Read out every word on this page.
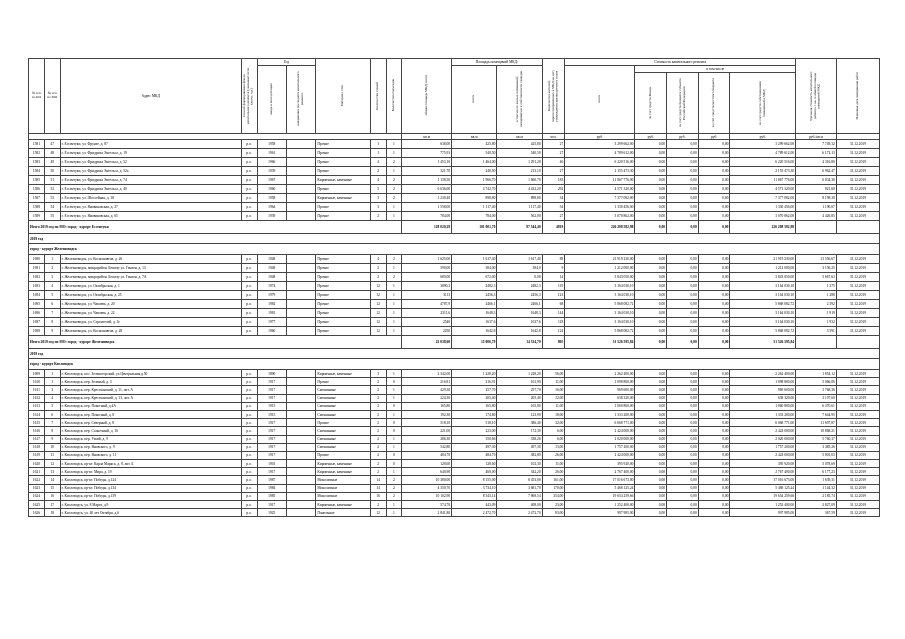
№ п/п по КП	№ п/п по МО	Адрес МКД	Способ формирования фонда капитального ремонта (указывается по ключу: п.р.)	Год		Материал стен	Количество этажей	Количество подъездов	общая площадь МКД, всего	Площадь помещений МКД:		Количество жителей, зарегистрированных в МКД на дату утверждения краткосрочного плана	Стоимость капитального ремонта					Удельная стоимость капитального ремонта 1 кв. м общей площади помещений МКД	Плановая дата завершения работ
				ввода в эксплуатацию	завершения последнего капитального ремонта					всего	в том числе жилых помещений, находящихся в собственности граждан		всего	в том числе					
														за счет средств Фонда	за счет средств бюджета субъекта Российской Федерации	за счет средств местного бюджета	за счет средств собственников помещений в МКД		
									кв.м	кв.м	кв.м	чел.	руб.	руб.	руб.	руб.	руб.	руб./кв.м	
1581	47	г. Ессентуки, ул. Фрунзе, д. 87	р.о.	1958		Прочие	1	1	638,00	425,80	425,80	27	3 299 662,00	0,00	0,00	0,00	3 299 662,00	7 749,32	31.12.2019
1582	48	г. Ессентуки, ул. Фридриха Энгельса, д. 19	р.о.	1961		Прочие	1	1	775,93	540,50	540,50	27	4 789 612,00	0,00	0,00	0,00	4 789 612,00	6 172,13	31.12.2019
1583	49	г. Ессентуки, ул. Фридриха Энгельса, д. 52	р.о.	1966		Прочие	4	2	1 453,10	1 464,00	1 291,28	46	6 220 516,00	0,00	0,00	0,00	6 220 516,00	4 316,80	31.12.2019
1584	50	г. Ессентуки, ул. Фридриха Энгельса, д. 52а	р.о.	1939		Прочие	2	1	321,70	240,50	213,10	27	2 155 473,30	0,00	0,00	0,00	2 155 473,30	6 962,47	31.12.2019
1585	51	г. Ессентуки, ул. Фридриха Энгельса, д. 74	р.о.	1967		Кирпичные, каменные	4	2	1 138,50	1 966,70	1 660,70	183	11 867 776,00	0,00	0,00	0,00	11 867 776,00	6 034,36	31.12.2019
1586	52	г. Ессентуки, ул. Фридриха Энгельса, д. 40	р.о.	1960		Прочие	5	2	6 636,00	4 742,70	4 432,20	292	4 571 320,00	0,00	0,00	0,00	4 571 320,00	921,60	31.12.2019
1587	53	г. Ессентуки, ул. Шоссейная, д. 18	р.о.	1958		Кирпичные, каменные	3	2	1 230,40	898,80	898,80	34	7 377 082,00	0,00	0,00	0,00	7 377 082,00	8 198,30	31.12.2019
1588	54	г. Ессентуки, ул. Яновиковская, д. 27	р.о.	1964		Прочие	3	1	1 558,00	1 117,40	1 117,40	54	1 330 456,00	0,00	0,00	0,00	1 330 456,00	1 190,67	31.12.2019
1589	55	г. Ессентуки, ул. Яновиковская, д. 65	р.о.	1939		Прочие	2	1	784,00	784,00	562,00	27	3 070 862,00	0,00	0,00	0,00	3 070 862,00	4 426,85	31.12.2019
Итого 2019 год по МО: город - курорт Ессентуки									128 020,29	101 001,70	97 544,40	4819	226 208 582,98	0,00	0,00	0,00	226 208 582,98		
2019 год																			
город - курорт Железноводск																			
1690	1	г. Железноводск, ул. Космонавтов, д. 26	р.о.	1948		Прочие	4	2	1 625,00	1 617,40	1 617,40	88	21 919 230,00	0,00	0,00	0,00	21 919 230,00	13 556,67	31.12.2019
1691	2	г. Железноводск, микрорайон, Бештау ул. Гинзон, д. 13	р.о.	1948		Прочие	2	1	590,00	384,00	384,0	9	1 212 000,00	0,00	0,00	0,00	1 212 000,00	3 156,25	31.12.2019
1692	3	г. Железноводск, микрорайон. Бештау ул. Гинзон, д. 7А	р.о.	1948		Прочие	2	2	680,00	672,00	0,00	14	3 843 050,00	0,00	0,00	0,00	3 843 050,00	5 667,63	31.12.2019
1693	4	г. Железноводск, ул. Октябрьская, д. 1	р.о.	1974		Прочие	12	1	3890,3	2482,3	2482,3	119	3 164 030,10	0,00	0,00	0,00	3 164 030,10	1 275	31.12.2019
1694	5	г. Железноводск, ул. Октябрьская, д. 25	р.о.	1979		Прочие	12	1	3113	2456,3	2456,3	123	3 164 030,10	0,00	0,00	0,00	3 164 030,10	1 288	31.12.2019
1695	6	г. Железноводск, ул. Чапаева, д. 20	р.о.	1982		Прочие	12	1	4787,9	2466,1	2466,1	68	5 868 082,72	0,00	0,00	0,00	5 868 082,72	2 392	31.12.2019
1696	7	г. Железноводск, ул. Чапаева, д. 22	р.о.	1981		Прочие	12	1	2311,6	1648,3	1648,3	144	3 164 030,10	0,00	0,00	0,00	3 164 030,10	1 919	31.12.2019
1697	8	г. Железноводск, ул. Строителей, д. 3г	р.о.	1977		Прочие	12	1	2540	1637,6	1637,6	118	3 164 030,10	0,00	0,00	0,00	3 164 030,10	1 932	31.12.2019
1698	9	г. Железноводск, ул. Космонавтов, д. 28	р.о.	1960		Прочие	12	1	2250	1642,8	1642,8	124	5 868 082,72	0,00	0,00	0,00	5 868 082,72	3 591	31.12.2019
Итого 2019 год по МО: город - курорт Железноводск									22 038,60	15 006,79	14 334,70	805	51 526 595,84	0,00	0,00	0,00	51 526 595,84		
2019 год																			
город - курорт Кисловодск																			
1699	1	г. Кисловодск, пос. Зеленогорский, ул.Центральная,д.50	р.о.	1890		Кирпичные, каменные	3	1	2 342,00	1 228,20	1 228,20	56,00	2 262 400,00	0,00	0,00	0,00	2 262 400,00	1 854,12	31.12.2019
1610	1	г. Кисловодск, пер. Зеленый, д. 5	р.о.	1917		Прочие	2	0	216,81	216,91	161,90	11,00	1 098 800,00	0,00	0,00	0,00	1 098 800,00	5 066,06	31.12.2019
1611	3	г. Кисловодск, пер. Крестьянский, д. 11, лит. А	р.о.	1917		Смешанные	2	1	429,30	257,70	257,70	16,00	969 600,00	0,00	0,00	0,00	969 600,00	3 768,36	31.12.2019
1612	4	г. Кисловодск, пер. Крестьянский, д. 13, лит. А	р.о.	1917		Смешанные	2	1	224,30	205,40	205,40	12,00	638 320,00	0,00	0,00	0,00	638 320,00	3 107,60	31.12.2019
1613	5	г. Кисловодск, пер. Покотный, д.4А	р.о.	1915		Смешанные	2	0	165,80	165,80	165,80	11,00	1 060 800,00	0,00	0,00	0,00	1 060 800,00	6 370,61	31.12.2019
1614	6	г. Кисловодск, пер. Покотный, д. 8	р.о.	1915		Смешанные	2	1	192,30	174,80	123,90	18,00	1 333 200,00	0,00	0,00	0,00	1 333 200,00	7 644,95	31.12.2019
1615	7	г. Кисловодск, пер. Северный, д. 8	р.о.	1917		Прочие	2	0	518,10	518,10	386,40	32,00	6 068 771,00	0,00	0,00	0,00	6 068 771,00	11 697,87	31.12.2019
1616	8	г. Кисловодск, пер. Солнечный, д. 16	р.о.	1917		Смешанные	2	0	221,00	223,00	172,30	6,00	2 424 000,00	0,00	0,00	0,00	2 424 000,00	10 868,21	31.12.2019
1617	9	г. Кисловодск, пер. Узкий, д. 9	р.о.	1917		Смешанные	2	1	286,30	350,66	338,26	6,00	2 020 000,00	0,00	0,00	0,00	2 020 000,00	5 760,37	31.12.2019
1618	10	г. Кисловодск, пер. Яновского, д. 9	р.о.	1917		Смешанные	2	1	542,80	497,30	497,30	13,00	1 757 200,00	0,00	0,00	0,00	1 757 200,00	3 485,26	31.12.2019
1619	11	г. Кисловодск, пер. Яновского, д. 11	р.о.	1917		Прочие	2	0	484,70	484,70	382,80	26,00	2 424 000,00	0,00	0,00	0,00	2 424 000,00	5 001,03	31.12.2019
1620	12	г. Кисловодск, пр-кт. Карла Маркса, д. 8, лит. Б	р.о.	1901		Кирпичные, каменные	2	0	128,60	128,60	102,30	11,00	395 920,00	0,00	0,00	0,00	395 920,00	3 078,69	31.12.2019
1621	13	г. Кисловодск, пр-кт. Мира, д. 19	р.о.	1917		Кирпичные, каменные	2	1	640,90	460,00	342,20	26,00	2 767 400,00	0,00	0,00	0,00	2 767 400,00	6 177,23	31.12.2019
1622	14	г. Кисловодск, пр-кт. Победы, д.124	р.о.	1987		Монолитные	14	2	10 380,00	8 155,00	8 453,00	161,00	17 016 673,00	0,00	0,00	0,00	17 016 673,00	1 639,31	31.12.2019
1623	15	г. Кисловодск, пр-кт. Победы, д.134	р.о.	1984		Монолитные	14	2	4 350,70	3 734,10	3 681,70	170,00	5 468 125,24	0,00	0,00	0,00	5 468 125,24	1 144,32	31.12.2019
1624	16	г. Кисловодск, пр-кт. Победы, д.159	р.о.	1985		Монолитные	16	2	10 102,90	8 343,14	7 869,54	354,00	19 654 259,66	0,00	0,00	0,00	19 654 259,66	2 185,74	31.12.2019
1625	17	г. Кисловодск, ул. 8 Марта, д.9	р.о.	1917		Кирпичные, каменные	2	1	574,70	443,09	408,00	23,00	1 252 400,00	0,00	0,00	0,00	1 252 400,00	2 827,09	31.12.2019
1626	18	г. Кисловодск, ул. 40 лет Октября, д.6	р.о.	1925		Панельные	12	1	2 841,80	2 472,70	2 472,70	83,00	997 985,00	0,00	0,00	0,00	997 985,00	367,59	31.12.2019
